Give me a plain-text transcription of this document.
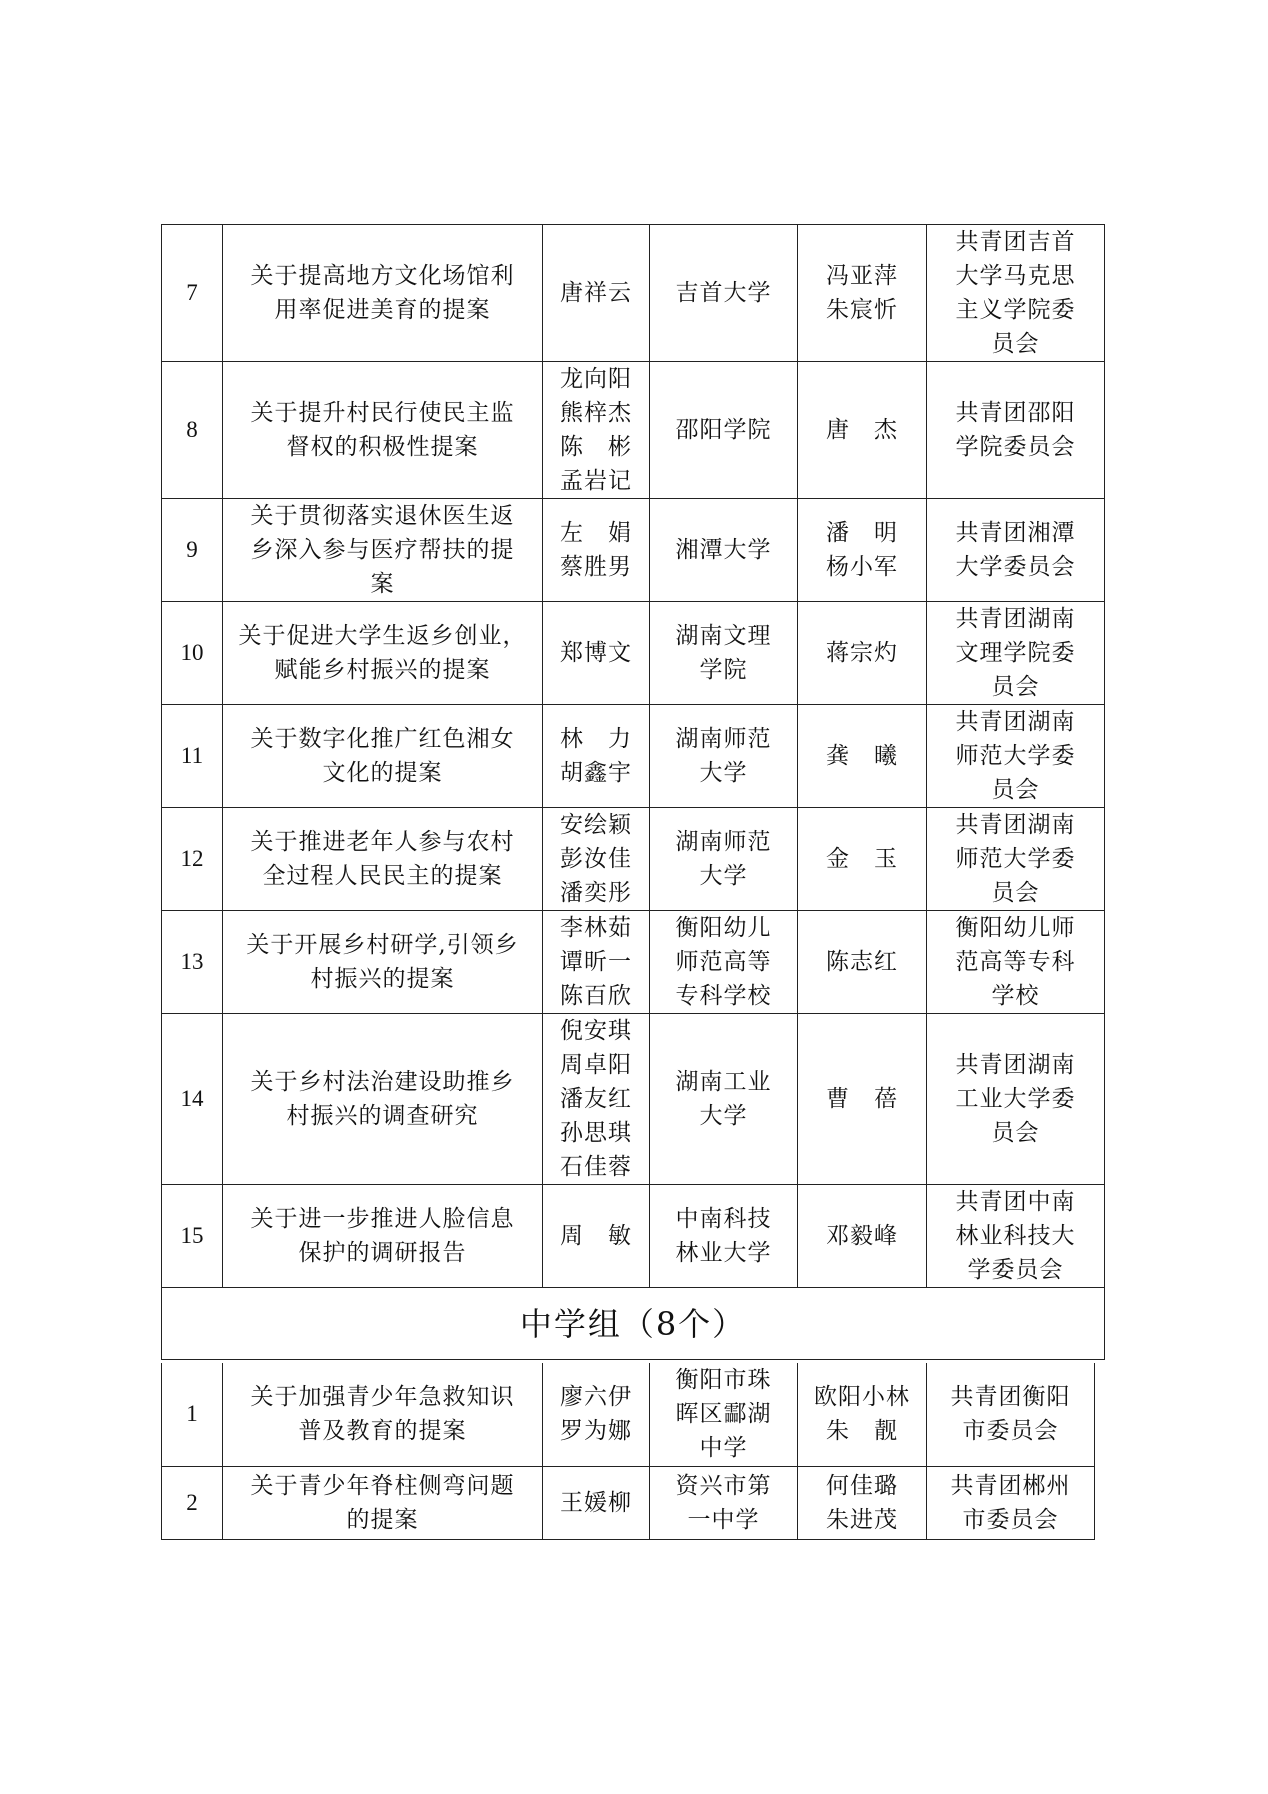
7	关于提高地方文化场馆利
用率促进美育的提案	唐祥云	吉首大学	冯亚萍
朱宸忻	共青团吉首
大学马克思
主义学院委
员会

8	关于提升村民行使民主监
督权的积极性提案	龙向阳
熊梓杰
陈　彬
孟岩记	邵阳学院	唐　杰	共青团邵阳
学院委员会

9	关于贯彻落实退休医生返
乡深入参与医疗帮扶的提
案	左　娟
蔡胜男	湘潭大学	潘　明
杨小军	共青团湘潭
大学委员会

10	关于促进大学生返乡创业，
赋能乡村振兴的提案	郑博文	湖南文理
学院	蒋宗灼	共青团湖南
文理学院委
员会

11	关于数字化推广红色湘女
文化的提案	林　力
胡鑫宇	湖南师范
大学	龚　曦	共青团湖南
师范大学委
员会

12	关于推进老年人参与农村
全过程人民民主的提案	安绘颖
彭汝佳
潘奕彤	湖南师范
大学	金　玉	共青团湖南
师范大学委
员会

13	关于开展乡村研学,引领乡
村振兴的提案	李林茹
谭昕一
陈百欣	衡阳幼儿
师范高等
专科学校	陈志红	衡阳幼儿师
范高等专科
学校

14	关于乡村法治建设助推乡
村振兴的调查研究	倪安琪
周卓阳
潘友红
孙思琪
石佳蓉	湖南工业
大学	曹　蓓	共青团湖南
工业大学委
员会

15	关于进一步推进人脸信息
保护的调研报告	周　敏	中南科技
林业大学	邓毅峰	共青团中南
林业科技大
学委员会

中学组（8个）					
1	关于加强青少年急救知识
普及教育的提案	廖六伊
罗为娜	衡阳市珠
晖区酃湖
中学	欧阳小林
朱　靓	共青团衡阳
市委员会

2	关于青少年脊柱侧弯问题
的提案	王媛柳	资兴市第
一中学	何佳璐
朱进茂	共青团郴州
市委员会
